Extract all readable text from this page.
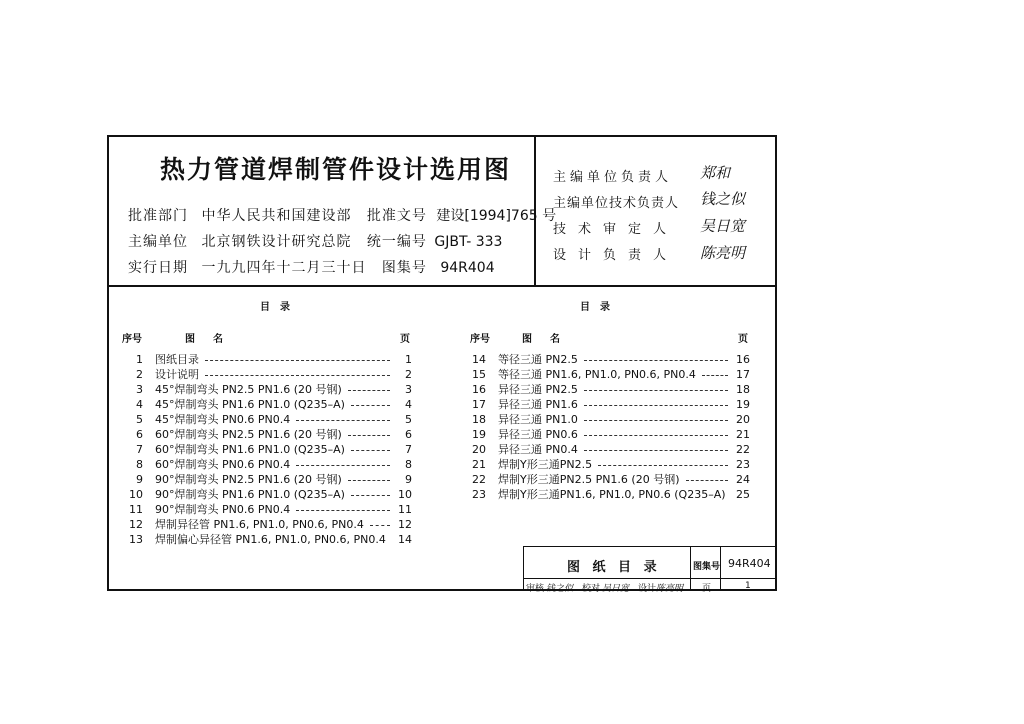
热力管道焊制管件设计选用图
批准部门 中华人民共和国建设部 批准文号 建设[1994]765 号
主编单位 北京钢铁设计研究总院 统一编号 GJBT- 333
实行日期 一九九四年十二月三十日 图集号 94R404
主编单位负责人 郑和
主编单位技术负责人 钱之似
技术审定人 吴日宽
设计负责人 陈亮明
目　录	目　录
序号	图　名	页	序号	图　名	页
1 图纸目录	1
2 设计说明	2
3 45°焊制弯头 PN2.5 PN1.6 (20 号钢)	3
4 45°焊制弯头 PN1.6 PN1.0 (Q235–A)	4
5 45°焊制弯头 PN0.6 PN0.4	5
6 60°焊制弯头 PN2.5 PN1.6 (20 号钢)	6
7 60°焊制弯头 PN1.6 PN1.0 (Q235–A)	7
8 60°焊制弯头 PN0.6 PN0.4	8
9 90°焊制弯头 PN2.5 PN1.6 (20 号钢)	9
10 90°焊制弯头 PN1.6 PN1.0 (Q235–A)	10
11 90°焊制弯头 PN0.6 PN0.4	11
12 焊制异径管 PN1.6, PN1.0, PN0.6, PN0.4	12
13 焊制偏心异径管 PN1.6, PN1.0, PN0.6, PN0.4	14
14 等径三通 PN2.5	16
15 等径三通 PN1.6, PN1.0, PN0.6, PN0.4	17
16 异径三通 PN2.5	18
17 异径三通 PN1.6	19
18 异径三通 PN1.0	20
19 异径三通 PN0.6	21
20 异径三通 PN0.4	22
21 焊制Y形三通PN2.5	23
22 焊制Y形三通PN2.5 PN1.6 (20 号钢)	24
23 焊制Y形三通PN1.6, PN1.0, PN0.6 (Q235–A) 25
图 纸 目 录	图集号 94R404
审核 钱之似 校对 吴日宽 设计 陈亮明 页	1
